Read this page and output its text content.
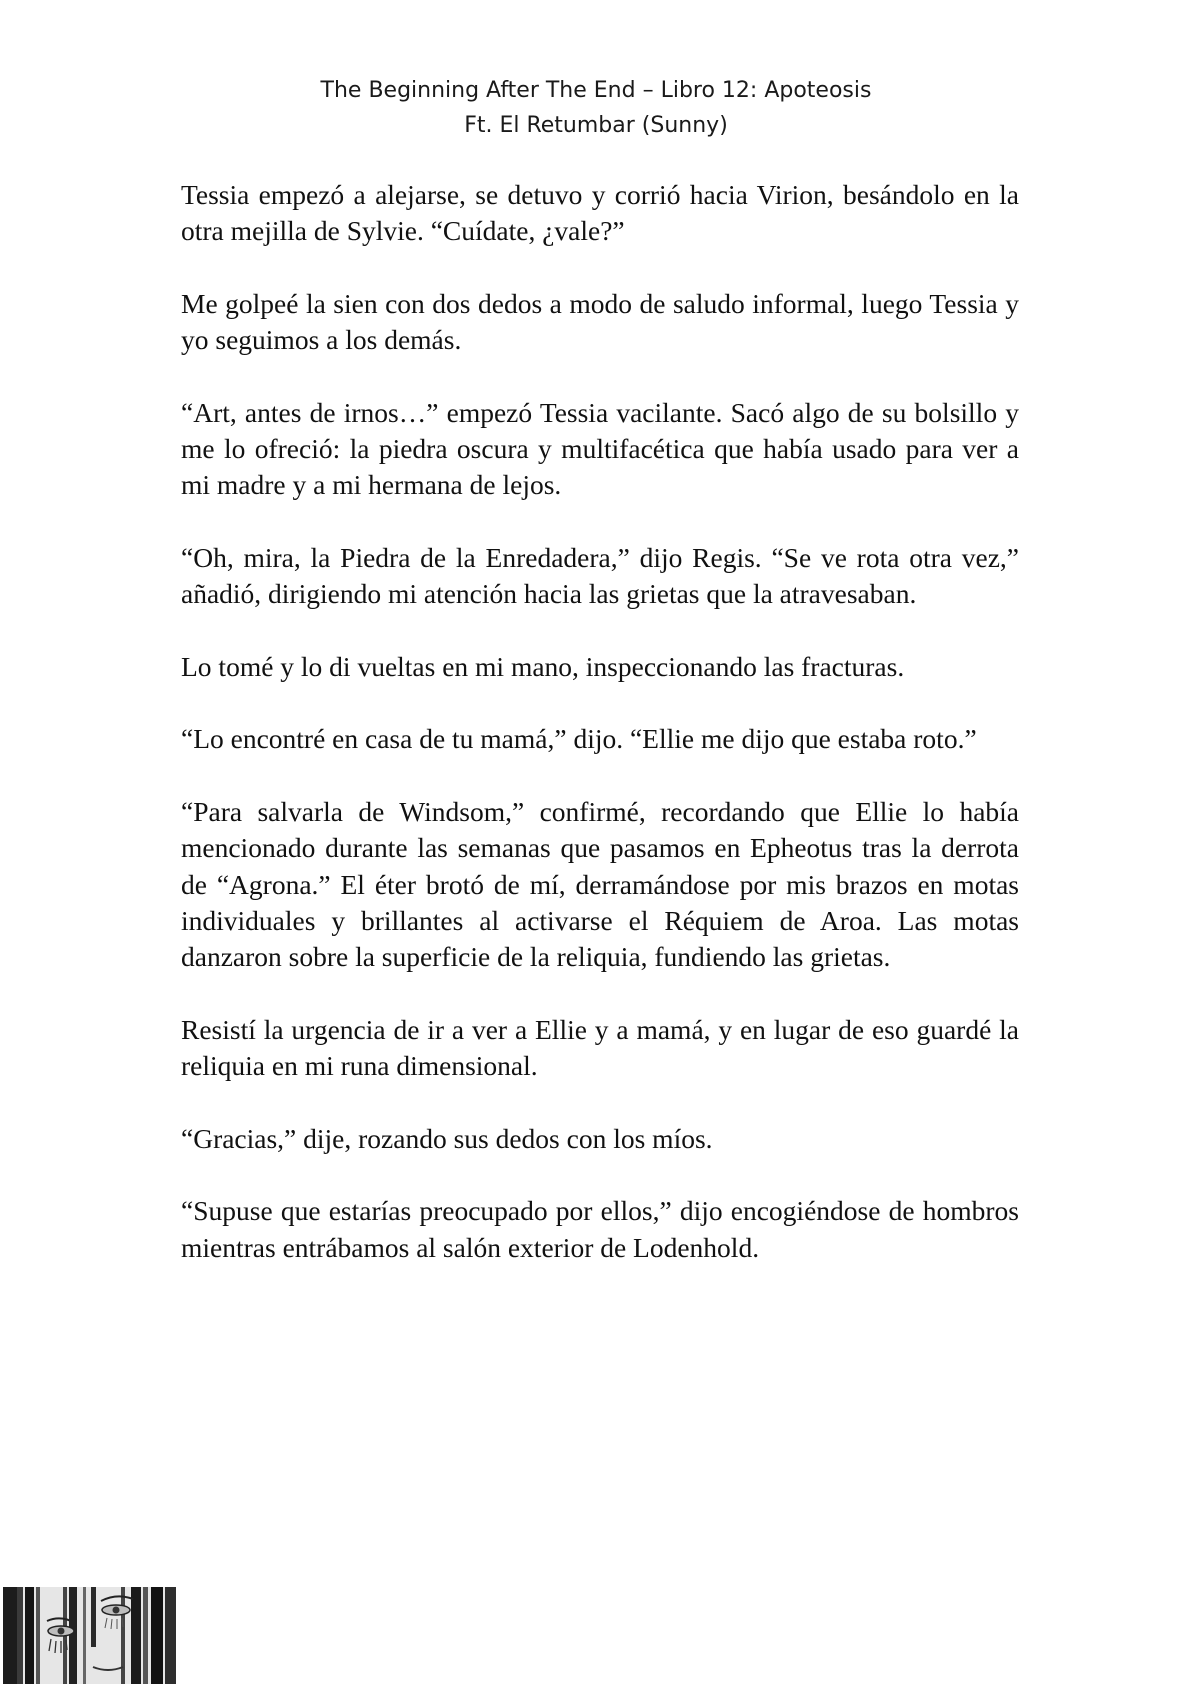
The Beginning After The End – Libro 12: Apoteosis
Ft. El Retumbar (Sunny)

Tessia empezó a alejarse, se detuvo y corrió hacia Virion, besándolo en la otra mejilla de Sylvie. “Cuídate, ¿vale?”

Me golpeé la sien con dos dedos a modo de saludo informal, luego Tessia y yo seguimos a los demás.

“Art, antes de irnos…” empezó Tessia vacilante. Sacó algo de su bolsillo y me lo ofreció: la piedra oscura y multifacética que había usado para ver a mi madre y a mi hermana de lejos.

“Oh, mira, la Piedra de la Enredadera,” dijo Regis. “Se ve rota otra vez,” añadió, dirigiendo mi atención hacia las grietas que la atravesaban.

Lo tomé y lo di vueltas en mi mano, inspeccionando las fracturas.

“Lo encontré en casa de tu mamá,” dijo. “Ellie me dijo que estaba roto.”

“Para salvarla de Windsom,” confirmé, recordando que Ellie lo había mencionado durante las semanas que pasamos en Epheotus tras la derrota de “Agrona.” El éter brotó de mí, derramándose por mis brazos en motas individuales y brillantes al activarse el Réquiem de Aroa. Las motas danzaron sobre la superficie de la reliquia, fundiendo las grietas.

Resistí la urgencia de ir a ver a Ellie y a mamá, y en lugar de eso guardé la reliquia en mi runa dimensional.

“Gracias,” dije, rozando sus dedos con los míos.

“Supuse que estarías preocupado por ellos,” dijo encogiéndose de hombros mientras entrábamos al salón exterior de Lodenhold.
